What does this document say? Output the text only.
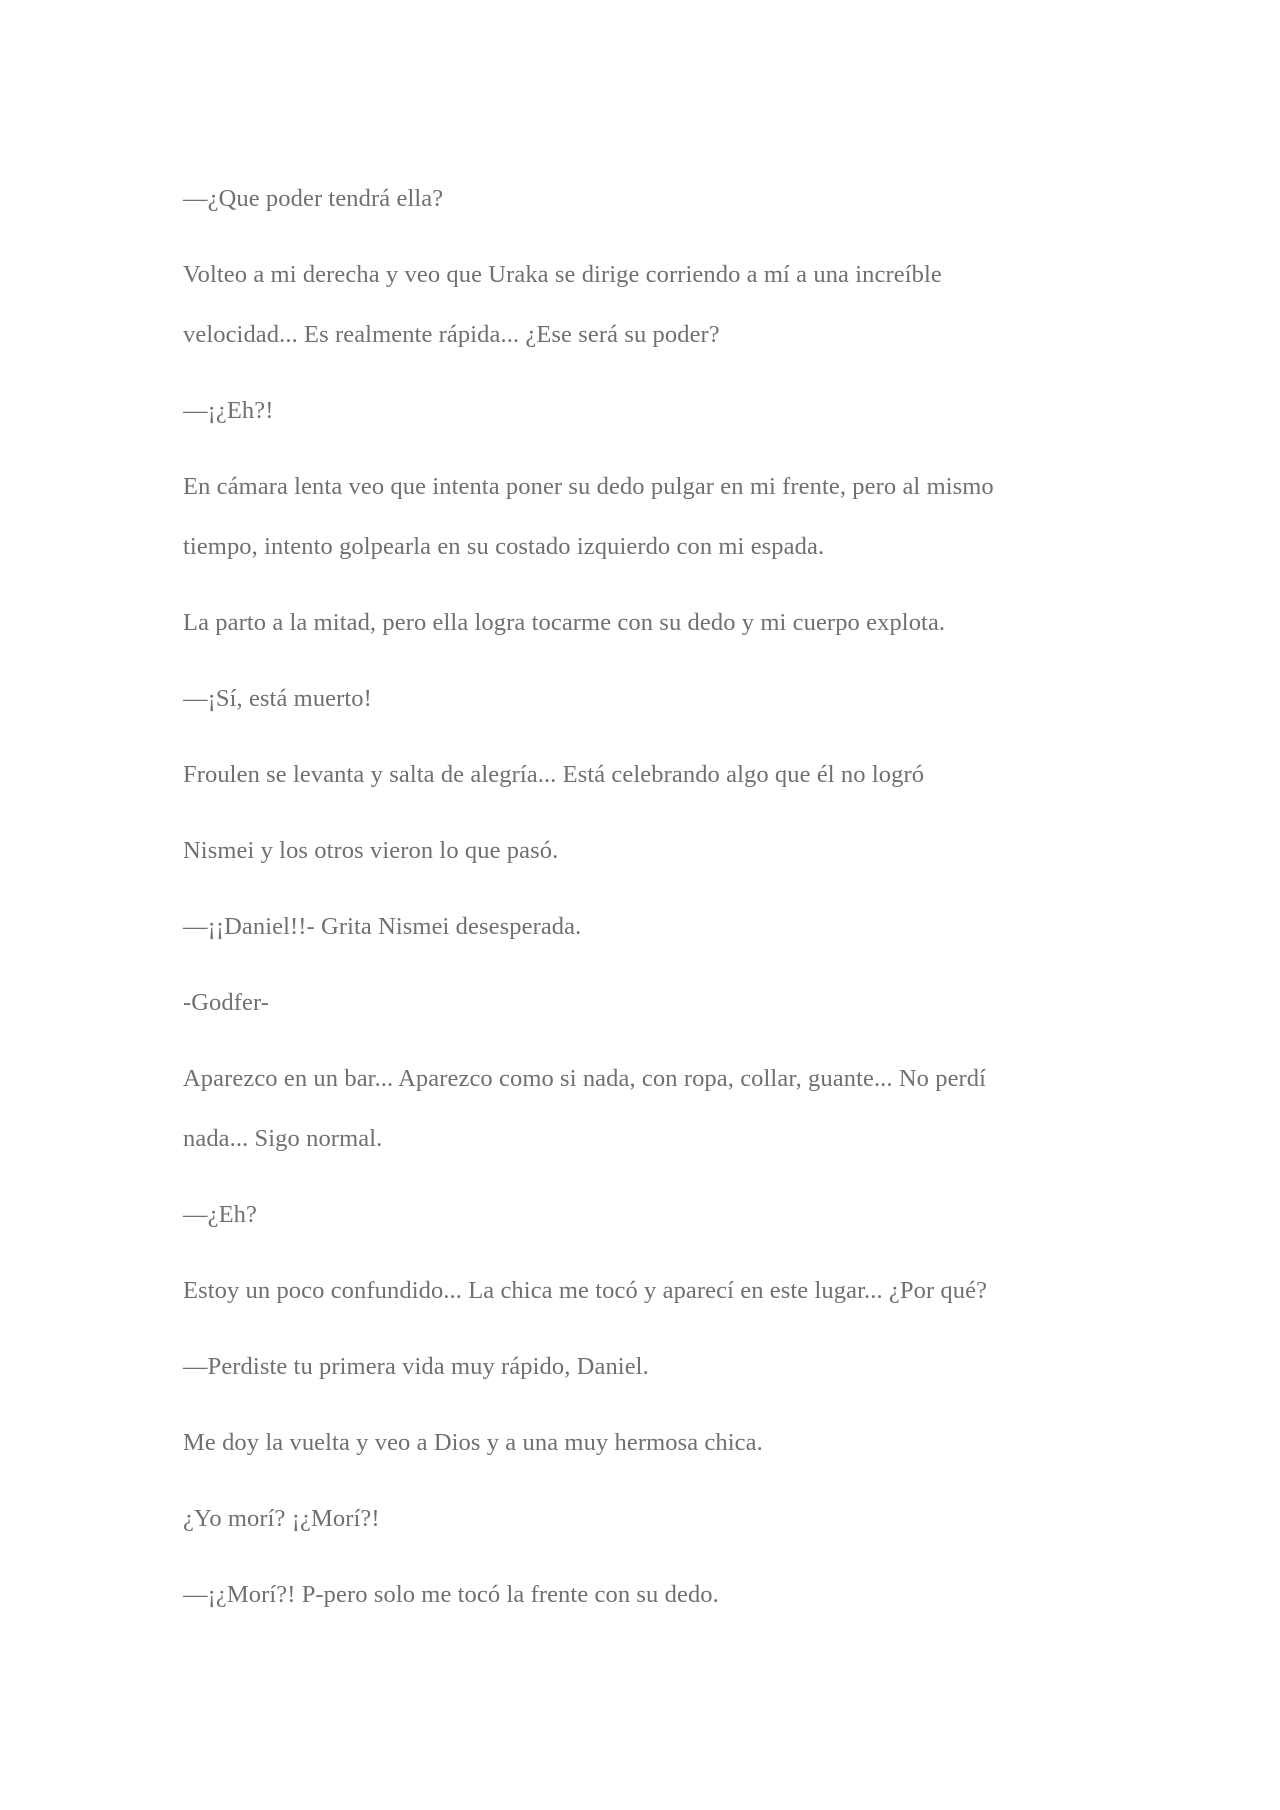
—¿Que poder tendrá ella?
Volteo a mi derecha y veo que Uraka se dirige corriendo a mí a una increíble
velocidad... Es realmente rápida... ¿Ese será su poder?
—¡¿Eh?!
En cámara lenta veo que intenta poner su dedo pulgar en mi frente, pero al mismo
tiempo, intento golpearla en su costado izquierdo con mi espada.
La parto a la mitad, pero ella logra tocarme con su dedo y mi cuerpo explota.
—¡Sí, está muerto!
Froulen se levanta y salta de alegría... Está celebrando algo que él no logró
Nismei y los otros vieron lo que pasó.
—¡¡Daniel!!- Grita Nismei desesperada.
-Godfer-
Aparezco en un bar... Aparezco como si nada, con ropa, collar, guante... No perdí
nada... Sigo normal.
—¿Eh?
Estoy un poco confundido... La chica me tocó y aparecí en este lugar... ¿Por qué?
—Perdiste tu primera vida muy rápido, Daniel.
Me doy la vuelta y veo a Dios y a una muy hermosa chica.
¿Yo morí? ¡¿Morí?!
—¡¿Morí?! P-pero solo me tocó la frente con su dedo.
